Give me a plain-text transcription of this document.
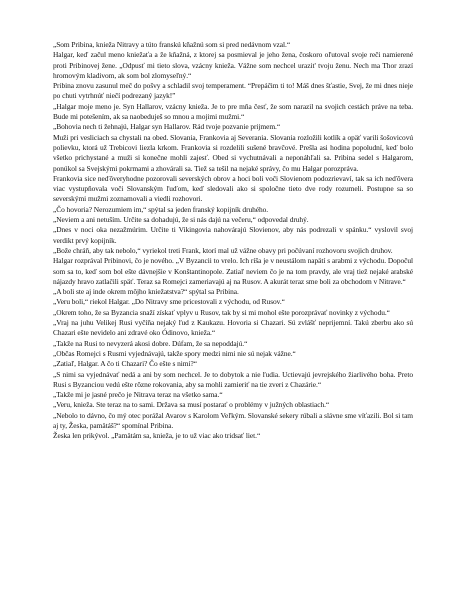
„Som Pribina, knieža Nitravy a túto franskú kňažnú som si pred nedávnom vzal.“

Halgar, keď začul meno kniežaťa a že kňažná, z ktorej sa posmieval je jeho žena, čoskoro oľutoval svoje reči namierené proti Pribinovej žene. „Odpusť mi tieto slova, vzácny knieža. Vážne som nechcel urazit' tvoju ženu. Nech ma Thor zrazí hromovým kladivom, ak som bol zlomyseľný.“

Pribina znovu zasunul meč do pošvy a schladil svoj temperament. “Prepáčim ti to! Máš dnes šťastie, Svej, že mi dnes nieje po chuti vytrhnúť niečí podrezaný jazyk!”

„Halgar moje meno je. Syn Hallarov, vzácny knieža. Je to pre mňa česť, že som narazil na svojich cestách práve na teba. Bude mi potešením, ak sa naobeduješ so mnou a mojimi mužmi.“

„Bohovia nech ti žehnajú, Halgar syn Hallarov. Rád tvoje pozvanie prijmem.“

Muži pri vesliciach sa chystali na obed. Slovania, Frankovia aj Severania. Slovania rozložili kotlík a opäť varili šošovicovú polievku, ktorá už Trebicovi liezla krkom. Frankovia si rozdelili sušené bravčové. Prešla asi hodina popoludní, keď bolo všetko prichystané a muži si konečne mohli zajesť. Obed si vychutnávali a neponáhľali sa. Pribina sedel s Halgarom, ponúkol sa Svejskými pokrmami a zhovárali sa. Tiež sa tešil na nejaké správy, čo mu Halgar porozpráva.

Frankovia sice neďôveryhodne pozorovali severských obrov a hoci boli voči Slovienom podozrievaví, tak sa ich neďôvera viac vystupňovala voči Slovanským ľuďom, keď sledovali ako si spoločne tieto dve rody rozumeli. Postupne sa so severskými mužmi zoznamovali a viedli rozhovori.

„Čo hovoria? Nerozumiem im,“ spýtal sa jeden franský kopijník druhého.

„Neviem a ani netuším. Určite sa dohadujú, že si nás dajú na večeru,“ odpovedal druhý.

„Dnes v noci oka nezažmúrim. Určite ti Vikingovia nahovárajú Slovienov, aby nás podrezali v spánku.“ vyslovil svoj verdikt prvý kopijník.

„Bože chráň, aby tak nebolo,“ vyriekol treti Frank, ktorí mal už vážne obavy pri počúvaní rozhovoru svojich druhov.

Halgar rozprával Pribinovi, čo je nového. „V Byzancii to vrelo. Ich ríša je v neustálom napätí s arabmi z východu. Dopočul som sa to, keď som bol ešte dávnejšie v Konštantinopole. Zatiaľ neviem čo je na tom pravdy, ale vraj tiež nejaké arabské nájazdy hravo zatlačili späť. Teraz sa Romejci zameriavajú aj na Rusov. A akurát teraz sme boli za obchodom v Nitrave.“

„A boli ste aj inde okrem môjho kniežatstva?“ spýtal sa Pribina.

„Veru boli,“ riekol Halgar. „Do Nitravy sme pricestovali z východu, od Rusov.“

„Okrem toho, že sa Byzancia snaží získať vplyv u Rusov, tak by si mi mohol ešte porozprávať novinky z východu.“

„Vraj na juhu Velikej Rusi vyčíňa nejaký ľud z Kaukazu. Hovoria si Chazari. Sú zvlášť neprijemní. Takú zberbu ako sú Chazari ešte nevidelo ani zdravé oko Ódinovo, knieža.“

„Takže na Rusi to nevyzerá akosi dobre. Dúfam, že sa nepoddajú.“

„Občas Romejci s Rusmi vyjednávajú, takže spory medzi nimi nie sú nejak vážne.“

„Zatiaľ, Halgar. A čo ti Chazari? Čo ešte s nimi?“

„S nimi sa vyjednávať nedá a ani by som nechcel. Je to dobytok a nie ľudia. Uctievajú jevrejského žiarlivého boha. Preto Rusi s Byzanciou vedú ešte rôzne rokovania, aby sa mohli zamieriť na tie zveri z Chazárie.“

„Takže mi je jasné prečo je Nitrava teraz na všetko sama.“

„Veru, knieža. Ste teraz na to sami. Država sa musí postarať o problémy v južných oblastiach.“

„Nebolo to dávno, čo mý otec porážal Avarov s Karolom Veľkým. Slovanské sekery rúbali a slávne sme víťazili. Bol si tam aj ty, Žeska, pamätáš?“ spomínal Pribina.

Žeska len prikývol. „Pamätám sa, knieža, je to už viac ako tridsať liet.“
